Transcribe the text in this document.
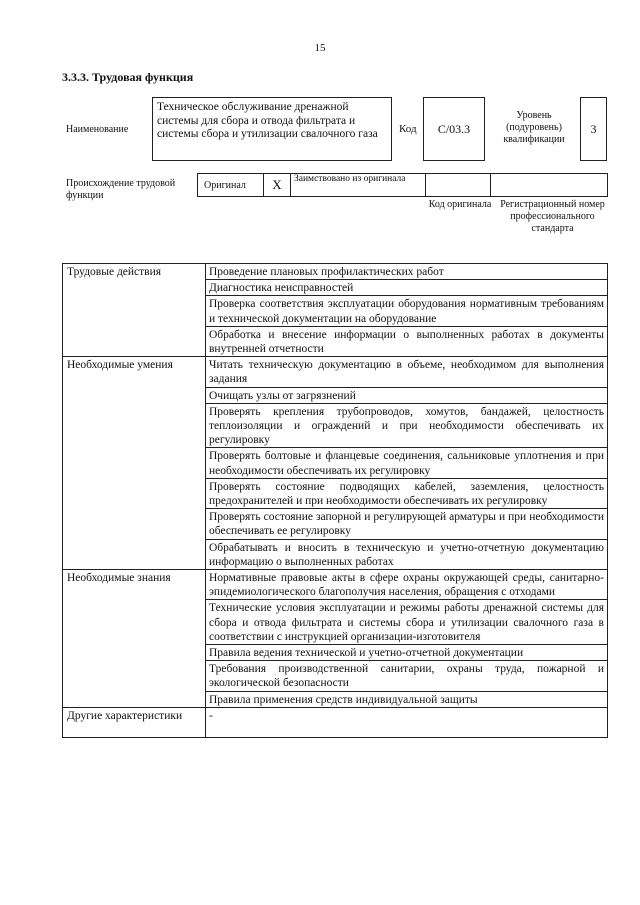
15
3.3.3. Трудовая функция
Наименование
Техническое обслуживание дренажной системы для сбора и отвода фильтрата и системы сбора и утилизации свалочного газа	Код	C/03.3
Уровень (подуровень) квалификации
3
Происхождение трудовой функции
Оригинал	X	Заимствовано из оригинала
Код оригинала Регистрационный номер профессионального стандарта
Трудовые действия	Проведение плановых профилактических работ
	Диагностика неисправностей
	Проверка соответствия эксплуатации оборудования нормативным требованиям и технической документации на оборудование
	Обработка и внесение информации о выполненных работах в документы внутренней отчетности
Необходимые умения	Читать техническую документацию в объеме, необходимом для выполнения задания
	Очищать узлы от загрязнений
	Проверять крепления трубопроводов, хомутов, бандажей, целостность теплоизоляции и ограждений и при необходимости обеспечивать их регулировку
	Проверять болтовые и фланцевые соединения, сальниковые уплотнения и при необходимости обеспечивать их регулировку
	Проверять состояние подводящих кабелей, заземления, целостность предохранителей и при необходимости обеспечивать их регулировку
	Проверять состояние запорной и регулирующей арматуры и при необходимости обеспечивать ее регулировку
	Обрабатывать и вносить в техническую и учетно-отчетную документацию информацию о выполненных работах
Необходимые знания	Нормативные правовые акты в сфере охраны окружающей среды, санитарно-эпидемиологического благополучия населения, обращения с отходами
	Технические условия эксплуатации и режимы работы дренажной системы для сбора и отвода фильтрата и системы сбора и утилизации свалочного газа в соответствии с инструкцией организации-изготовителя
	Правила ведения технической и учетно-отчетной документации
	Требования производственной санитарии, охраны труда, пожарной и экологической безопасности
	Правила применения средств индивидуальной защиты
Другие характеристики	-
